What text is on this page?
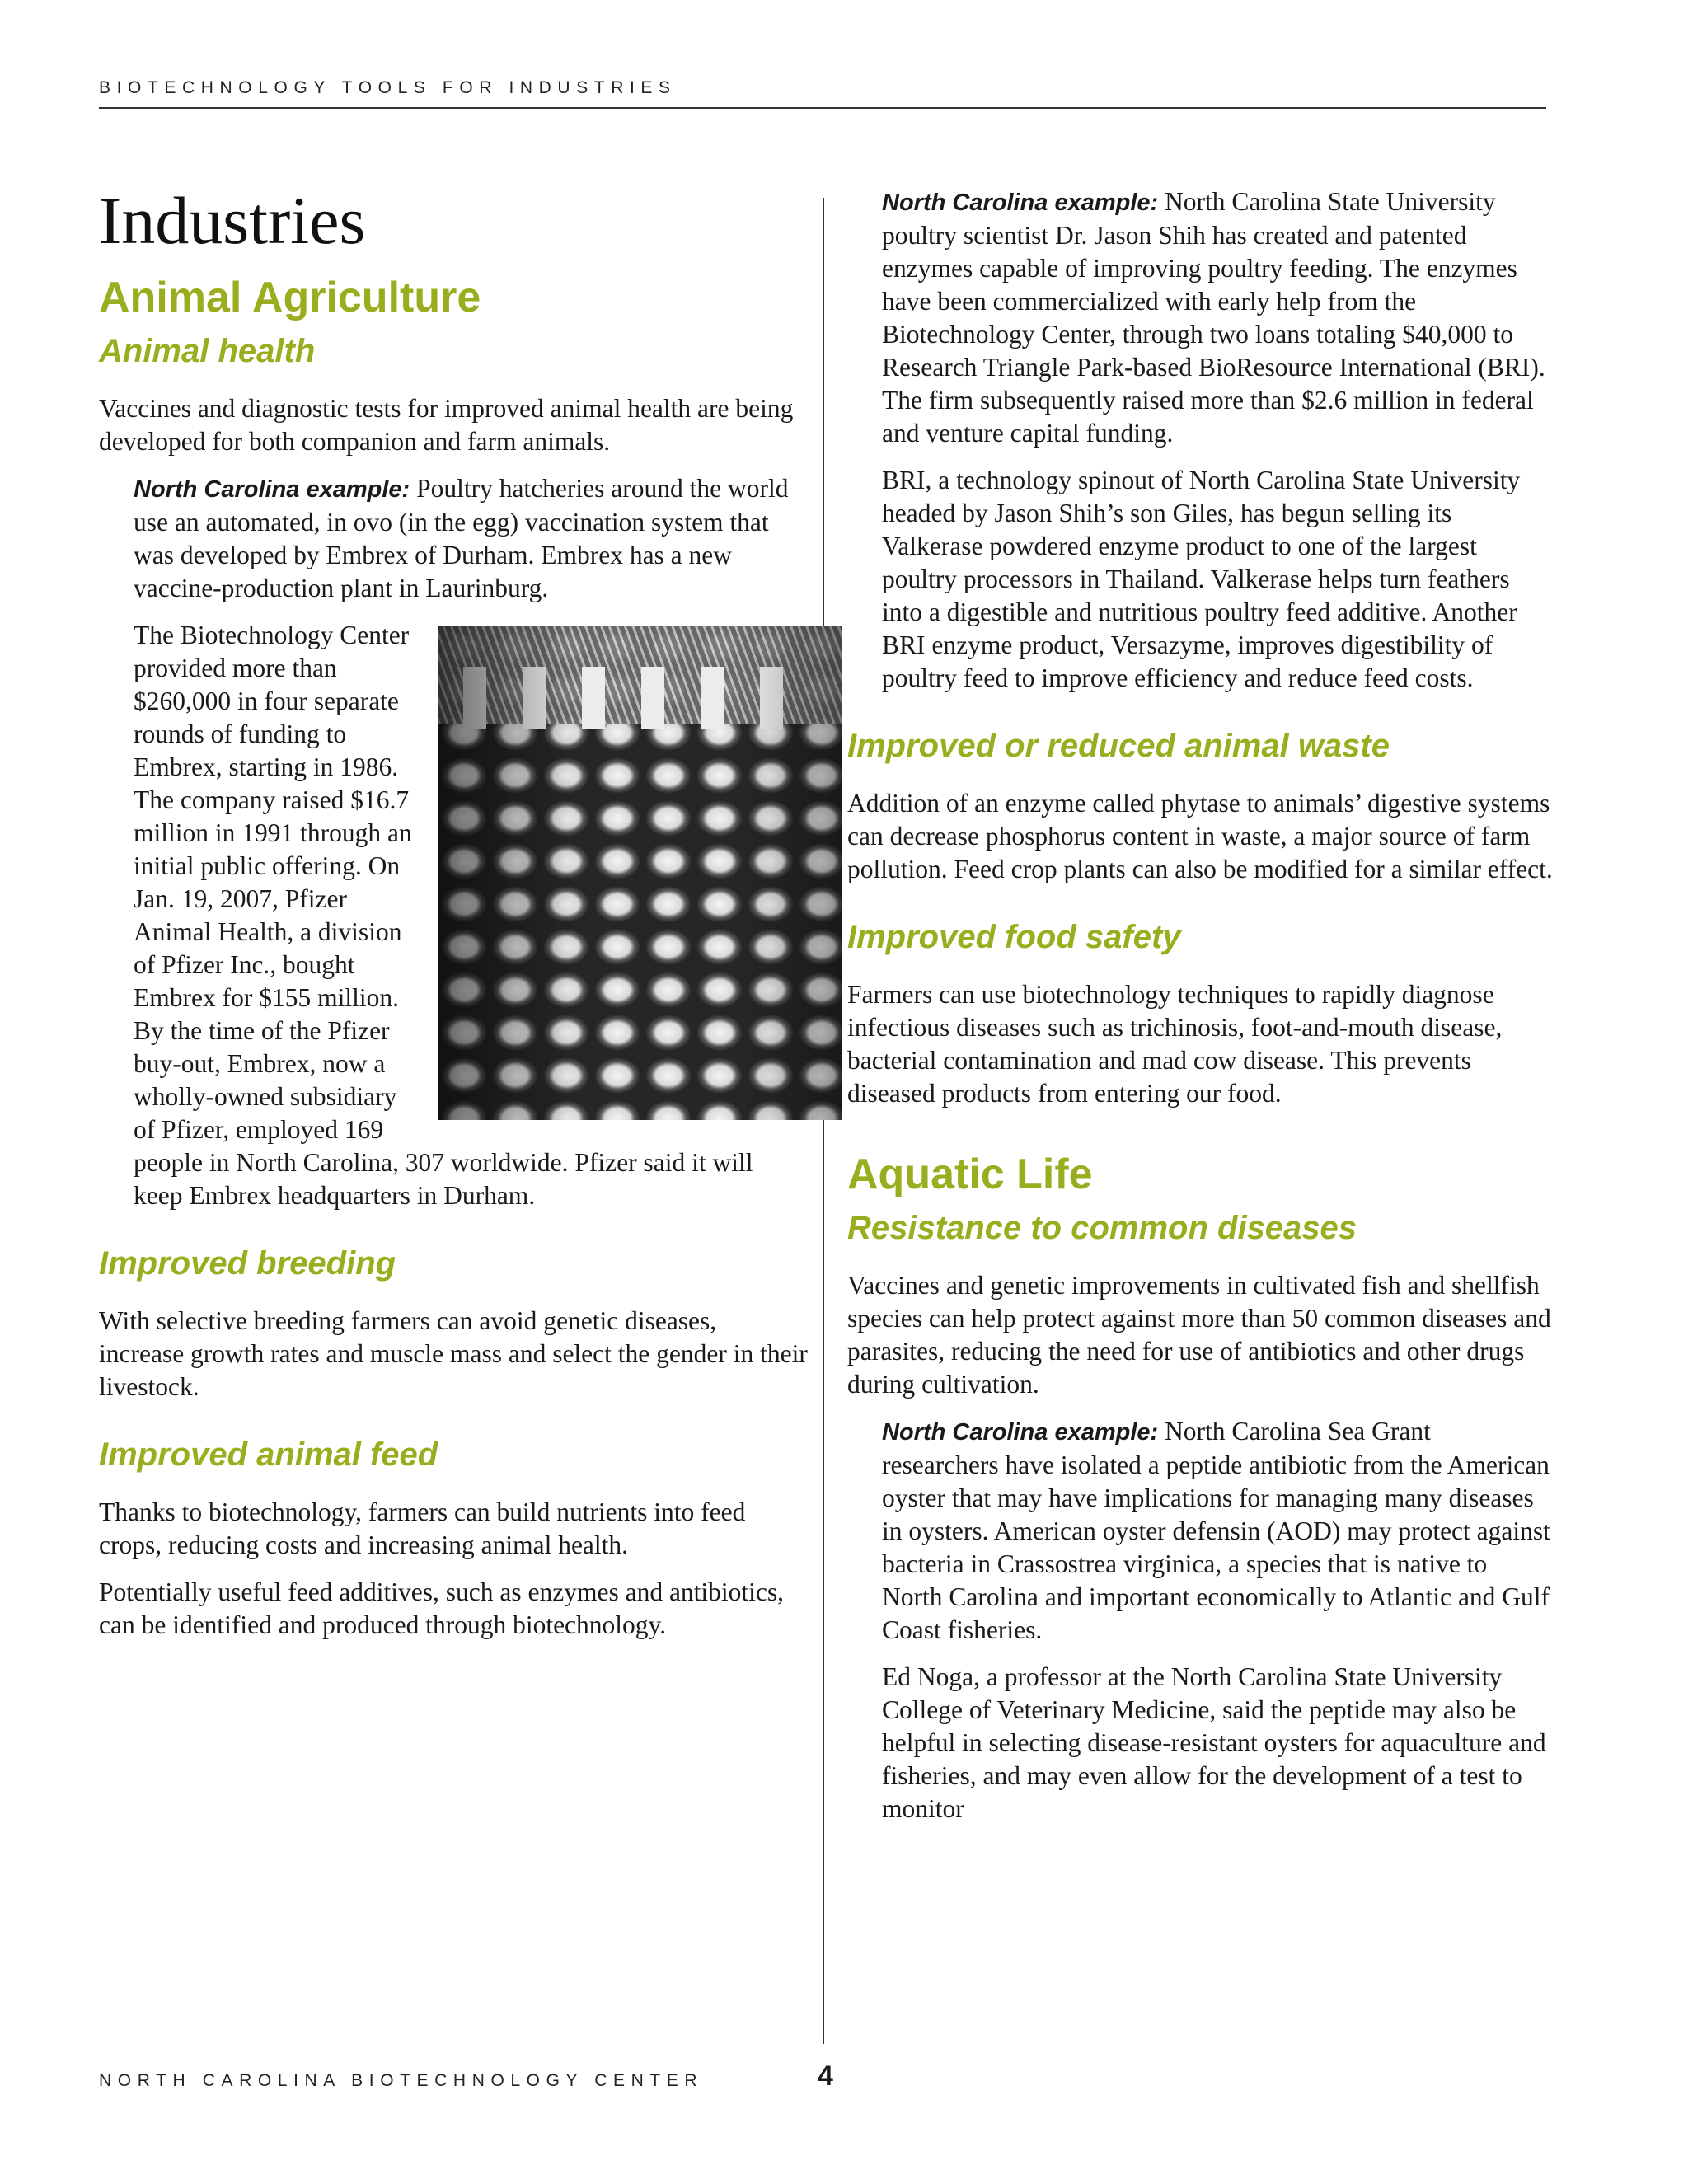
BIOTECHNOLOGY TOOLS FOR INDUSTRIES
Industries
Animal Agriculture
Animal health

Vaccines and diagnostic tests for improved animal health are being developed for both companion and farm animals.

North Carolina example: Poultry hatcheries around the world use an automated, in ovo (in the egg) vaccination system that was developed by Embrex of Durham. Embrex has a new vaccine-production plant in Laurinburg.

The Biotechnology Center provided more than $260,000 in four separate rounds of funding to Embrex, starting in 1986. The company raised $16.7 million in 1991 through an initial public offering. On Jan. 19, 2007, Pfizer Animal Health, a division of Pfizer Inc., bought Embrex for $155 million. By the time of the Pfizer buy-out, Embrex, now a wholly-owned subsidiary of Pfizer, employed 169 people in North Carolina, 307 worldwide. Pfizer said it will keep Embrex headquarters in Durham.

Improved breeding

With selective breeding farmers can avoid genetic diseases, increase growth rates and muscle mass and select the gender in their livestock.

Improved animal feed

Thanks to biotechnology, farmers can build nutrients into feed crops, reducing costs and increasing animal health.

Potentially useful feed additives, such as enzymes and antibiotics, can be identified and produced through biotechnology.

North Carolina example: North Carolina State University poultry scientist Dr. Jason Shih has created and patented enzymes capable of improving poultry feeding. The enzymes have been commercialized with early help from the Biotechnology Center, through two loans totaling $40,000 to Research Triangle Park-based BioResource International (BRI). The firm subsequently raised more than $2.6 million in federal and venture capital funding.

BRI, a technology spinout of North Carolina State University headed by Jason Shih’s son Giles, has begun selling its Valkerase powdered enzyme product to one of the largest poultry processors in Thailand. Valkerase helps turn feathers into a digestible and nutritious poultry feed additive. Another BRI enzyme product, Versazyme, improves digestibility of poultry feed to improve efficiency and reduce feed costs.

Improved or reduced animal waste

Addition of an enzyme called phytase to animals’ digestive systems can decrease phosphorus content in waste, a major source of farm pollution. Feed crop plants can also be modified for a similar effect.

Improved food safety

Farmers can use biotechnology techniques to rapidly diagnose infectious diseases such as trichinosis, foot-and-mouth disease, bacterial contamination and mad cow disease. This prevents diseased products from entering our food.

Aquatic Life
Resistance to common diseases

Vaccines and genetic improvements in cultivated fish and shellfish species can help protect against more than 50 common diseases and parasites, reducing the need for use of antibiotics and other drugs during cultivation.

North Carolina example: North Carolina Sea Grant researchers have isolated a peptide antibiotic from the American oyster that may have implications for managing many diseases in oysters. American oyster defensin (AOD) may protect against bacteria in Crassostrea virginica, a species that is native to North Carolina and important economically to Atlantic and Gulf Coast fisheries.

Ed Noga, a professor at the North Carolina State University College of Veterinary Medicine, said the peptide may also be helpful in selecting disease-resistant oysters for aquaculture and fisheries, and may even allow for the development of a test to monitor

NORTH CAROLINA BIOTECHNOLOGY CENTER	4
